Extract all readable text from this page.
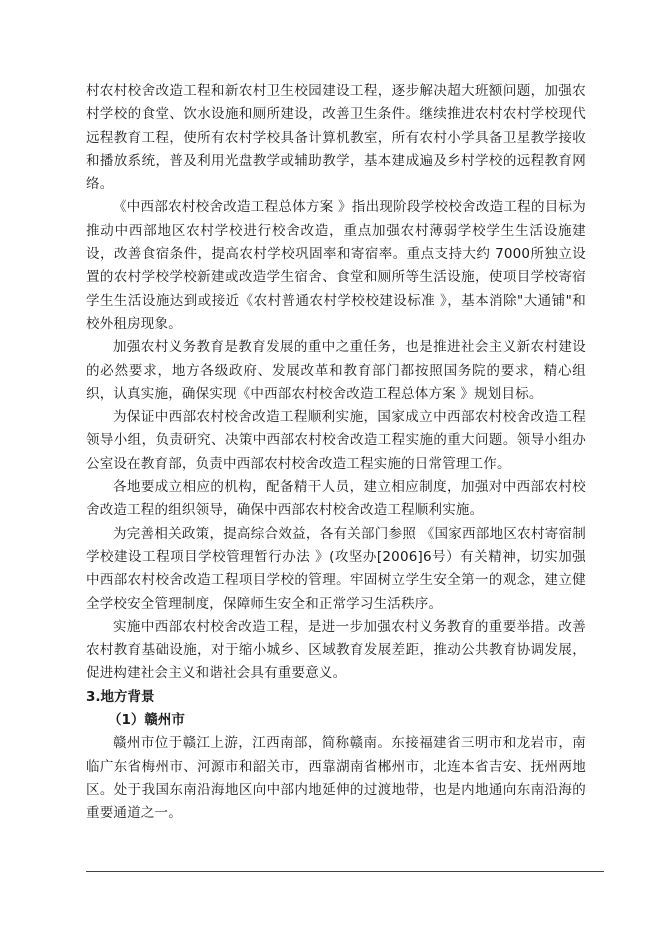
村农村校舍改造工程和新农村卫生校园建设工程，逐步解决超大班额问题，加强农村学校的食堂、饮水设施和厕所建设，改善卫生条件。继续推进农村农村学校现代远程教育工程，使所有农村学校具备计算机教室，所有农村小学具备卫星教学接收和播放系统，普及利用光盘教学或辅助教学，基本建成遍及乡村学校的远程教育网络。

《中西部农村校舍改造工程总体方案 》指出现阶段学校校舍改造工程的目标为推动中西部地区农村学校进行校舍改造，重点加强农村薄弱学校学生生活设施建设，改善食宿条件，提高农村学校巩固率和寄宿率。重点支持大约 7000所独立设置的农村学校学校新建或改造学生宿舍、食堂和厕所等生活设施，使项目学校寄宿学生生活设施达到或接近《农村普通农村学校校建设标准 》，基本消除"大通铺"和校外租房现象。

加强农村义务教育是教育发展的重中之重任务，也是推进社会主义新农村建设的必然要求，地方各级政府、发展改革和教育部门都按照国务院的要求，精心组织，认真实施，确保实现《中西部农村校舍改造工程总体方案 》规划目标。

为保证中西部农村校舍改造工程顺利实施，国家成立中西部农村校舍改造工程领导小组，负责研究、决策中西部农村校舍改造工程实施的重大问题。领导小组办公室设在教育部，负责中西部农村校舍改造工程实施的日常管理工作。

各地要成立相应的机构，配备精干人员，建立相应制度，加强对中西部农村校舍改造工程的组织领导，确保中西部农村校舍改造工程顺利实施。

为完善相关政策，提高综合效益，各有关部门参照 《国家西部地区农村寄宿制学校建设工程项目学校管理暂行办法 》(攻坚办[2006]6号）有关精神，切实加强中西部农村校舍改造工程项目学校的管理。牢固树立学生安全第一的观念，建立健全学校安全管理制度，保障师生安全和正常学习生活秩序。

实施中西部农村校舍改造工程，是进一步加强农村义务教育的重要举措。改善农村教育基础设施，对于缩小城乡、区域教育发展差距，推动公共教育协调发展，促进构建社会主义和谐社会具有重要意义。

3.地方背景

（1）赣州市

赣州市位于赣江上游，江西南部，简称赣南。东接福建省三明市和龙岩市，南临广东省梅州市、河源市和韶关市，西靠湖南省郴州市，北连本省吉安、抚州两地区。处于我国东南沿海地区向中部内地延伸的过渡地带，也是内地通向东南沿海的重要通道之一。
